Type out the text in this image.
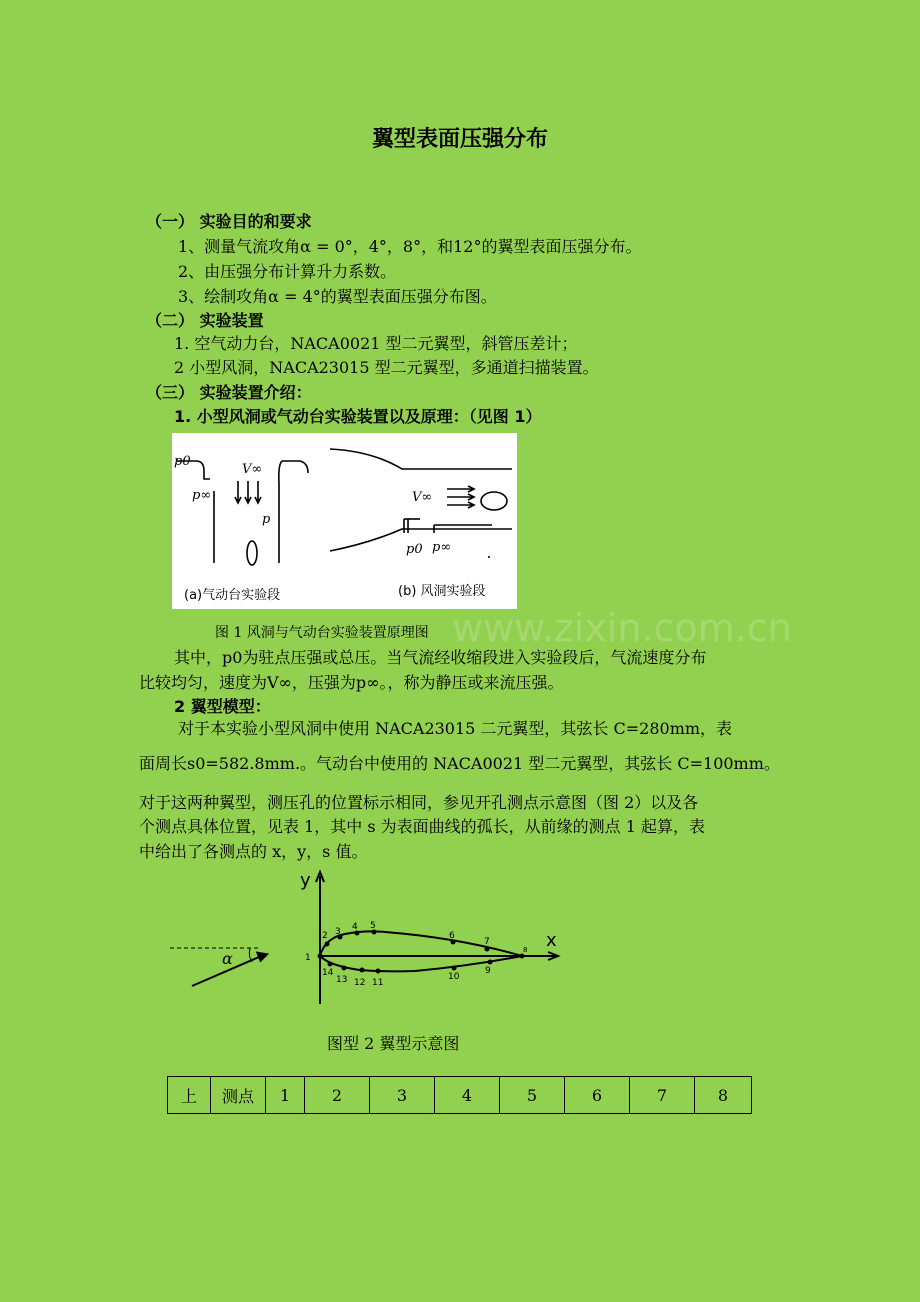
翼型表面压强分布
（一） 实验目的和要求
1、测量气流攻角α = 0°，4°，8°，和12°的翼型表面压强分布。
2、由压强分布计算升力系数。
3、绘制攻角α = 4°的翼型表面压强分布图。
（二） 实验装置
1. 空气动力台，NACA0021 型二元翼型，斜管压差计；
2 小型风洞，NACA23015 型二元翼型，多通道扫描装置。
（三） 实验装置介绍：
1. 小型风洞或气动台实验装置以及原理：（见图 1）
p0
p∞
V∞
p
V∞
p0 p∞
(a)气动台实验段	(b) 风洞实验段
图 1 风洞与气动台实验装置原理图 www.zixin.com.cn
其中，p0为驻点压强或总压。当气流经收缩段进入实验段后，气流速度分布
比较均匀，速度为V∞，压强为p∞。，称为静压或来流压强。
2 翼型模型：
对于本实验小型风洞中使用 NACA23015 二元翼型，其弦长 C=280mm，表
面周长s0=582.8mm.。气动台中使用的 NACA0021 型二元翼型，其弦长 C=100mm。
对于这两种翼型，测压孔的位置标示相同，参见开孔测点示意图（图 2）以及各
个测点具体位置，见表 1，其中 s 为表面曲线的孤长，从前缘的测点 1 起算，表
中给出了各测点的 x，y，s 值。
y
x
α	1
2 3 4 5
6
7
8
14
13 12 11
10
9
图型 2 翼型示意图
上	测点	1	2	3	4	5	6	7	8
